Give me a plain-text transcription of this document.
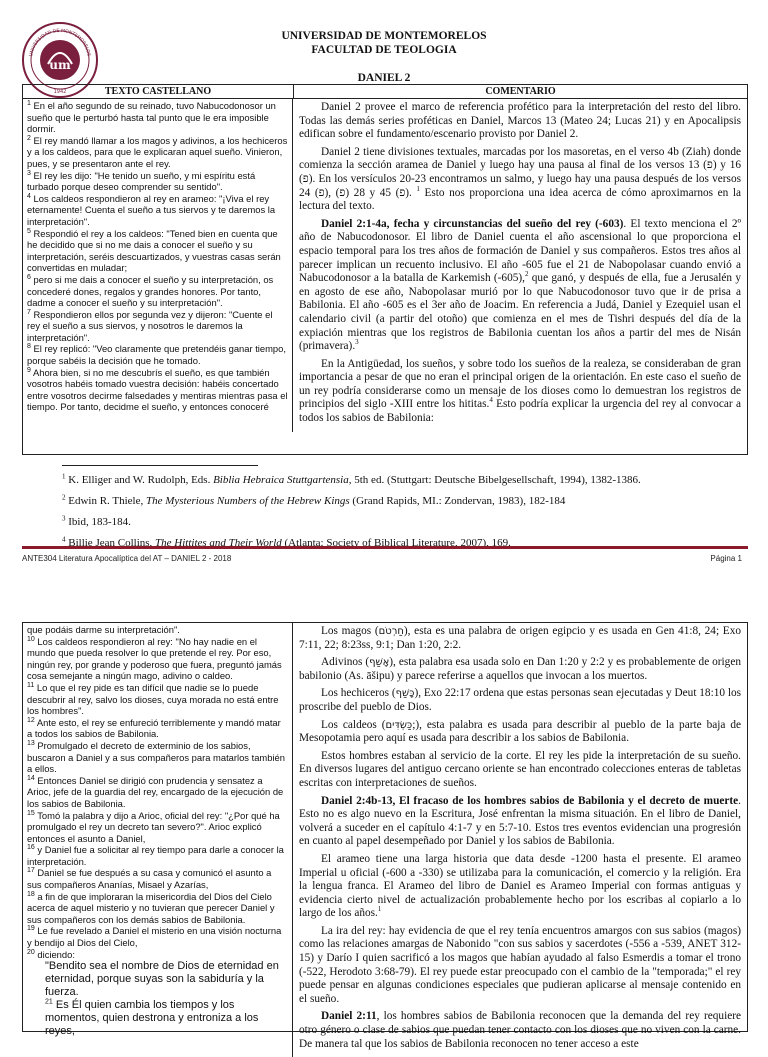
um
1942
UNIVERSIDAD DE MONTEMORELOS
UNIVERSIDAD DE MONTEMORELOS
FACULTAD DE TEOLOGIA
DANIEL 2
TEXTO CASTELLANO	COMENTARIO
$^1$ En el año segundo de su reinado, tuvo Nabucodonosor un sueño que le perturbó hasta tal punto que le era imposible dormir.
$^2$ El rey mandó llamar a los magos y adivinos, a los hechiceros y a los caldeos, para que le explicaran aquel sueño. Vinieron, pues, y se presentaron ante el rey.
$^3$ El rey les dijo: "He tenido un sueño, y mi espíritu está turbado porque deseo comprender su sentido".
$^4$ Los caldeos respondieron al rey en arameo: "¡Viva el rey eternamente! Cuenta el sueño a tus siervos y te daremos la interpretación".
$^5$ Respondió el rey a los caldeos: "Tened bien en cuenta que he decidido que si no me dais a conocer el sueño y su interpretación, seréis descuartizados, y vuestras casas serán convertidas en muladar;
$^6$ pero si me dais a conocer el sueño y su interpretación, os concederé dones, regalos y grandes honores. Por tanto, dadme a conocer el sueño y su interpretación".
$^7$ Respondieron ellos por segunda vez y dijeron: "Cuente el rey el sueño a sus siervos, y nosotros le daremos la interpretación".
$^8$ El rey replicó: "Veo claramente que pretendéis ganar tiempo, porque sabéis la decisión que he tomado.
$^9$ Ahora bien, si no me descubrís el sueño, es que también vosotros habéis tomado vuestra decisión: habéis concertado entre vosotros decirme falsedades y mentiras mientras pasa el tiempo. Por tanto, decidme el sueño, y entonces conoceré

Daniel 2 provee el marco de referencia profético para la interpretación del resto del libro. Todas las demás series proféticas en Daniel, Marcos 13 (Mateo 24; Lucas 21) y en Apocalipsis edifican sobre el fundamento/escenario provisto por Daniel 2.

Daniel 2 tiene divisiones textuales, marcadas por los masoretas, en el verso 4b (Ziah) donde comienza la sección aramea de Daniel y luego hay una pausa al final de los versos 13 (פ) y 16 (פ). En los versículos 20-23 encontramos un salmo, y luego hay una pausa después de los versos 24 (פ), 28 (פ) y 45 (פ). $^1$ Esto nos proporciona una idea acerca de cómo aproximarnos en la lectura del texto.

Daniel 2:1-4a, fecha y circunstancias del sueño del rey (-603). El texto menciona el 2º año de Nabucodonosor. El libro de Daniel cuenta el año ascensional lo que proporciona el espacio temporal para los tres años de formación de Daniel y sus compañeros. Estos tres años al parecer implican un recuento inclusivo. El año -605 fue el 21 de Nabopolasar cuando envió a Nabucodonosor a la batalla de Karkemish (-605),$^2$ que ganó, y después de ella, fue a Jerusalén y en agosto de ese año, Nabopolasar murió por lo que Nabucodonosor tuvo que ir de prisa a Babilonia. El año -605 es el 3er año de Joacim. En referencia a Judá, Daniel y Ezequiel usan el calendario civil (a partir del otoño) que comienza en el mes de Tishri después del día de la expiación mientras que los registros de Babilonia cuentan los años a partir del mes de Nisán (primavera).$^3$

En la Antigüedad, los sueños, y sobre todo los sueños de la realeza, se consideraban de gran importancia a pesar de que no eran el principal origen de la orientación. En este caso el sueño de un rey podría considerarse como un mensaje de los dioses como lo demuestran los registros de principios del siglo -XIII entre los hititas.$^4$ Esto podría explicar la urgencia del rey al convocar a todos los sabios de Babilonia:

$^1$ K. Elliger and W. Rudolph, Eds. Biblia Hebraica Stuttgartensia, 5th ed. (Stuttgart: Deutsche Bibelgesellschaft, 1994), 1382-1386.
$^2$ Edwin R. Thiele, The Mysterious Numbers of the Hebrew Kings (Grand Rapids, MI.: Zondervan, 1983), 182-184
$^3$ Ibid, 183-184.
$^4$ Billie Jean Collins, The Hittites and Their World (Atlanta: Society of Biblical Literature, 2007), 169.
ANTE304 Literatura Apocalíptica del AT – DANIEL 2 - 2018	Página 1
que podáis darme su interpretación".
$^{10}$ Los caldeos respondieron al rey: "No hay nadie en el mundo que pueda resolver lo que pretende el rey. Por eso, ningún rey, por grande y poderoso que fuera, preguntó jamás cosa semejante a ningún mago, adivino o caldeo.
$^{11}$ Lo que el rey pide es tan difícil que nadie se lo puede descubrir al rey, salvo los dioses, cuya morada no está entre los hombres".
$^{12}$ Ante esto, el rey se enfureció terriblemente y mandó matar a todos los sabios de Babilonia.
$^{13}$ Promulgado el decreto de exterminio de los sabios, buscaron a Daniel y a sus compañeros para matarlos también a ellos.
$^{14}$ Entonces Daniel se dirigió con prudencia y sensatez a Arioc, jefe de la guardia del rey, encargado de la ejecución de los sabios de Babilonia.
$^{15}$ Tomó la palabra y dijo a Arioc, oficial del rey: "¿Por qué ha promulgado el rey un decreto tan severo?". Arioc explicó entonces el asunto a Daniel,
$^{16}$ y Daniel fue a solicitar al rey tiempo para darle a conocer la interpretación.
$^{17}$ Daniel se fue después a su casa y comunicó el asunto a sus compañeros Ananías, Misael y Azarías,
$^{18}$ a fin de que imploraran la misericordia del Dios del Cielo acerca de aquel misterio y no tuvieran que perecer Daniel y sus compañeros con los demás sabios de Babilonia.
$^{19}$ Le fue revelado a Daniel el misterio en una visión nocturna y bendijo al Dios del Cielo,
$^{20}$ diciendo:
"Bendito sea el nombre de Dios de eternidad en eternidad, porque suyas son la sabiduría y la fuerza.
$^{21}$ Es Él quien cambia los tiempos y los momentos, quien destrona y entroniza a los reyes,

Los magos (חַרְטֹם), esta es una palabra de origen egipcio y es usada en Gen 41:8, 24; Exo 7:11, 22; 8:23ss, 9:1; Dan 1:20, 2:2.

Adivinos (אָשַׁף), esta palabra esa usada solo en Dan 1:20 y 2:2 y es probablemente de origen babilonio (As. āšipu) y parece referirse a aquellos que invocan a los muertos.

Los hechiceros (כָּשַׁף), Exo 22:17 ordena que estas personas sean ejecutadas y Deut 18:10 los proscribe del pueblo de Dios.

Los caldeos (כַּשְׂדִּים;), esta palabra es usada para describir al pueblo de la parte baja de Mesopotamia pero aquí es usada para describir a los sabios de Babilonia.

Estos hombres estaban al servicio de la corte. El rey les pide la interpretación de su sueño. En diversos lugares del antiguo cercano oriente se han encontrado colecciones enteras de tabletas escritas con interpretaciones de sueños.

Daniel 2:4b-13, El fracaso de los hombres sabios de Babilonia y el decreto de muerte. Esto no es algo nuevo en la Escritura, José enfrentan la misma situación. En el libro de Daniel, volverá a suceder en el capítulo 4:1-7 y en 5:7-10. Estos tres eventos evidencian una progresión en cuanto al papel desempeñado por Daniel y los sabios de Babilonia.

El arameo tiene una larga historia que data desde -1200 hasta el presente. El arameo Imperial u oficial (-600 a -330) se utilizaba para la comunicación, el comercio y la religión. Era la lengua franca. El Arameo del libro de Daniel es Arameo Imperial con formas antiguas y evidencia cierto nivel de actualización probablemente hecho por los escribas al copiarlo a lo largo de los años.$^1$

La ira del rey: hay evidencia de que el rey tenía encuentros amargos con sus sabios (magos) como las relaciones amargas de Nabonido "con sus sabios y sacerdotes (-556 a -539, ANET 312-15) y Darío I quien sacrificó a los magos que habían ayudado al falso Esmerdis a tomar el trono (-522, Herodoto 3:68-79). El rey puede estar preocupado con el cambio de la "temporada;" el rey puede pensar en algunas condiciones especiales que pudieran aplicarse al mensaje contenido en el sueño.

Daniel 2:11, los hombres sabios de Babilonia reconocen que la demanda del rey requiere otro género o clase de sabios que puedan tener contacto con los dioses que no viven con la carne. De manera tal que los sabios de Babilonia reconocen no tener acceso a este
